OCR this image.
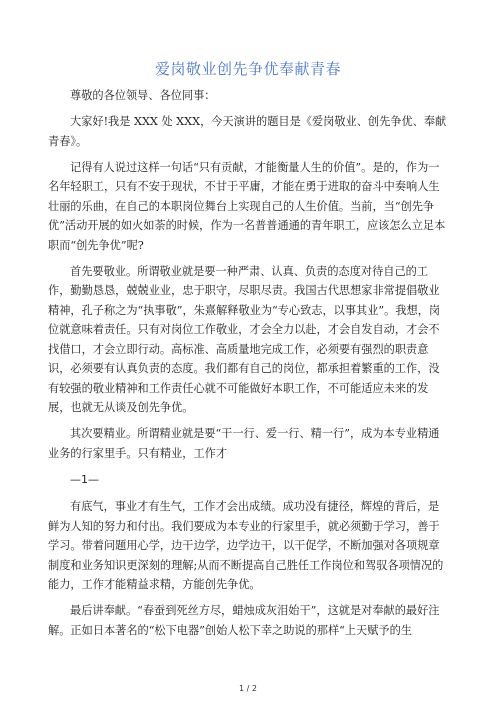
爱岗敬业创先争优奉献青春

尊敬的各位领导、各位同事：

大家好!我是 XXX 处 XXX，今天演讲的题目是《爱岗敬业、创先争优、奉献青春》。

记得有人说过这样一句话“只有贡献，才能衡量人生的价值”。是的，作为一名年轻职工，只有不安于现状，不甘于平庸，才能在勇于进取的奋斗中奏响人生壮丽的乐曲，在自己的本职岗位舞台上实现自己的人生价值。当前，当“创先争优”活动开展的如火如荼的时候，作为一名普普通通的青年职工，应该怎么立足本职而“创先争优”呢?

首先要敬业。所谓敬业就是要一种严肃、认真、负责的态度对待自己的工作，勤勤恳恳，兢兢业业，忠于职守，尽职尽责。我国古代思想家非常提倡敬业精神，孔子称之为“执事敬”，朱熹解释敬业为“专心致志，以事其业”。我想，岗位就意味着责任。只有对岗位工作敬业，才会全力以赴，才会自发自动，才会不找借口，才会立即行动。高标准、高质量地完成工作，必须要有强烈的职责意识，必须要有认真负责的态度。我们都有自己的岗位，都承担着繁重的工作，没有较强的敬业精神和工作责任心就不可能做好本职工作，不可能适应未来的发展，也就无从谈及创先争优。

其次要精业。所谓精业就是要“干一行、爱一行、精一行”，成为本专业精通业务的行家里手。只有精业，工作才

—1—

有底气，事业才有生气，工作才会出成绩。成功没有捷径，辉煌的背后，是鲜为人知的努力和付出。我们要成为本专业的行家里手，就必须勤于学习，善于学习。带着问题用心学，边干边学，边学边干，以干促学，不断加强对各项规章制度和业务知识更深刻的理解;从而不断提高自己胜任工作岗位和驾驭各项情况的能力，工作才能精益求精，方能创先争优。

最后讲奉献。“春蚕到死丝方尽，蜡烛成灰泪始干”，这就是对奉献的最好注解。正如日本著名的“松下电器”创始人松下幸之助说的那样“上天赋予的生

1 / 2
